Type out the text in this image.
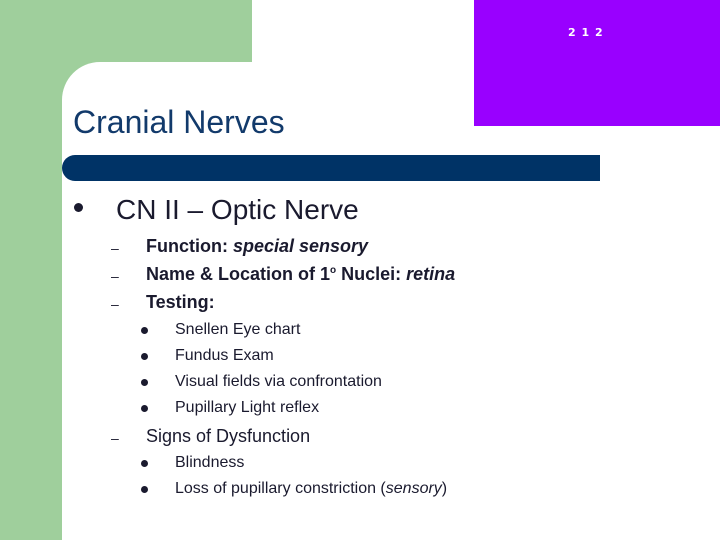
2 1 2
Cranial Nerves
CN II – Optic Nerve
– Function: special sensory
– Name & Location of 1$^o$ Nuclei: retina
– Testing:
Snellen Eye chart
Fundus Exam
Visual fields via confrontation
Pupillary Light reflex
– Signs of Dysfunction
Blindness
Loss of pupillary constriction (sensory)
